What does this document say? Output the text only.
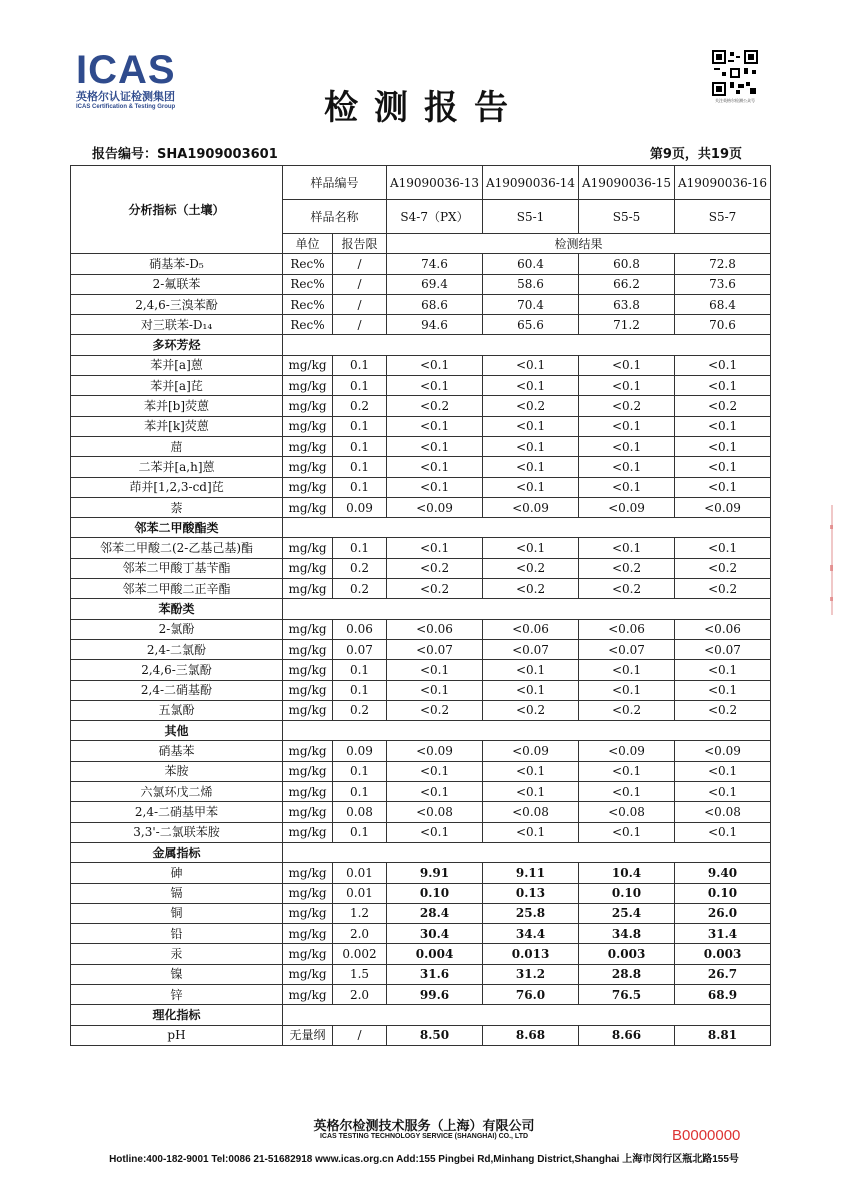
ICAS
英格尔认证检测集团
ICAS Certification & Testing Group	检测报告	关注英格尔检测公众号
报告编号：SHA1909003601	第9页，共19页
分析指标（土壤）	样品编号		A19090036-13	A19090036-14	A19090036-15	A19090036-16
	样品名称		S4-7（PX）	S5-1	S5-5	S5-7
	单位	报告限	检测结果			
硝基苯-D₅	Rec%	/	74.6	60.4	60.8	72.8
2-氟联苯	Rec%	/	69.4	58.6	66.2	73.6
2,4,6-三溴苯酚	Rec%	/	68.6	70.4	63.8	68.4
对三联苯-D₁₄	Rec%	/	94.6	65.6	71.2	70.6
多环芳烃						
苯并[a]蒽	mg/kg	0.1	<0.1	<0.1	<0.1	<0.1
苯并[a]芘	mg/kg	0.1	<0.1	<0.1	<0.1	<0.1
苯并[b]荧蒽	mg/kg	0.2	<0.2	<0.2	<0.2	<0.2
苯并[k]荧蒽	mg/kg	0.1	<0.1	<0.1	<0.1	<0.1
䓛	mg/kg	0.1	<0.1	<0.1	<0.1	<0.1
二苯并[a,h]蒽	mg/kg	0.1	<0.1	<0.1	<0.1	<0.1
茚并[1,2,3-cd]芘	mg/kg	0.1	<0.1	<0.1	<0.1	<0.1
萘	mg/kg	0.09	<0.09	<0.09	<0.09	<0.09
邻苯二甲酸酯类						
邻苯二甲酸二(2-乙基己基)酯	mg/kg	0.1	<0.1	<0.1	<0.1	<0.1
邻苯二甲酸丁基苄酯	mg/kg	0.2	<0.2	<0.2	<0.2	<0.2
邻苯二甲酸二正辛酯	mg/kg	0.2	<0.2	<0.2	<0.2	<0.2
苯酚类						
2-氯酚	mg/kg	0.06	<0.06	<0.06	<0.06	<0.06
2,4-二氯酚	mg/kg	0.07	<0.07	<0.07	<0.07	<0.07
2,4,6-三氯酚	mg/kg	0.1	<0.1	<0.1	<0.1	<0.1
2,4-二硝基酚	mg/kg	0.1	<0.1	<0.1	<0.1	<0.1
五氯酚	mg/kg	0.2	<0.2	<0.2	<0.2	<0.2
其他						
硝基苯	mg/kg	0.09	<0.09	<0.09	<0.09	<0.09
苯胺	mg/kg	0.1	<0.1	<0.1	<0.1	<0.1
六氯环戊二烯	mg/kg	0.1	<0.1	<0.1	<0.1	<0.1
2,4-二硝基甲苯	mg/kg	0.08	<0.08	<0.08	<0.08	<0.08
3,3'-二氯联苯胺	mg/kg	0.1	<0.1	<0.1	<0.1	<0.1
金属指标						
砷	mg/kg	0.01	9.91	9.11	10.4	9.40
镉	mg/kg	0.01	0.10	0.13	0.10	0.10
铜	mg/kg	1.2	28.4	25.8	25.4	26.0
铅	mg/kg	2.0	30.4	34.4	34.8	31.4
汞	mg/kg	0.002	0.004	0.013	0.003	0.003
镍	mg/kg	1.5	31.6	31.2	28.8	26.7
锌	mg/kg	2.0	99.6	76.0	76.5	68.9
理化指标						
pH	无量纲	/	8.50	8.68	8.66	8.81
英格尔检测技术服务（上海）有限公司
ICAS TESTING TECHNOLOGY SERVICE (SHANGHAI) CO., LTD	B0000000
Hotline:400-182-9001 Tel:0086 21-51682918 www.icas.org.cn Add:155 Pingbei Rd,Minhang District,Shanghai 上海市闵行区瓶北路155号
